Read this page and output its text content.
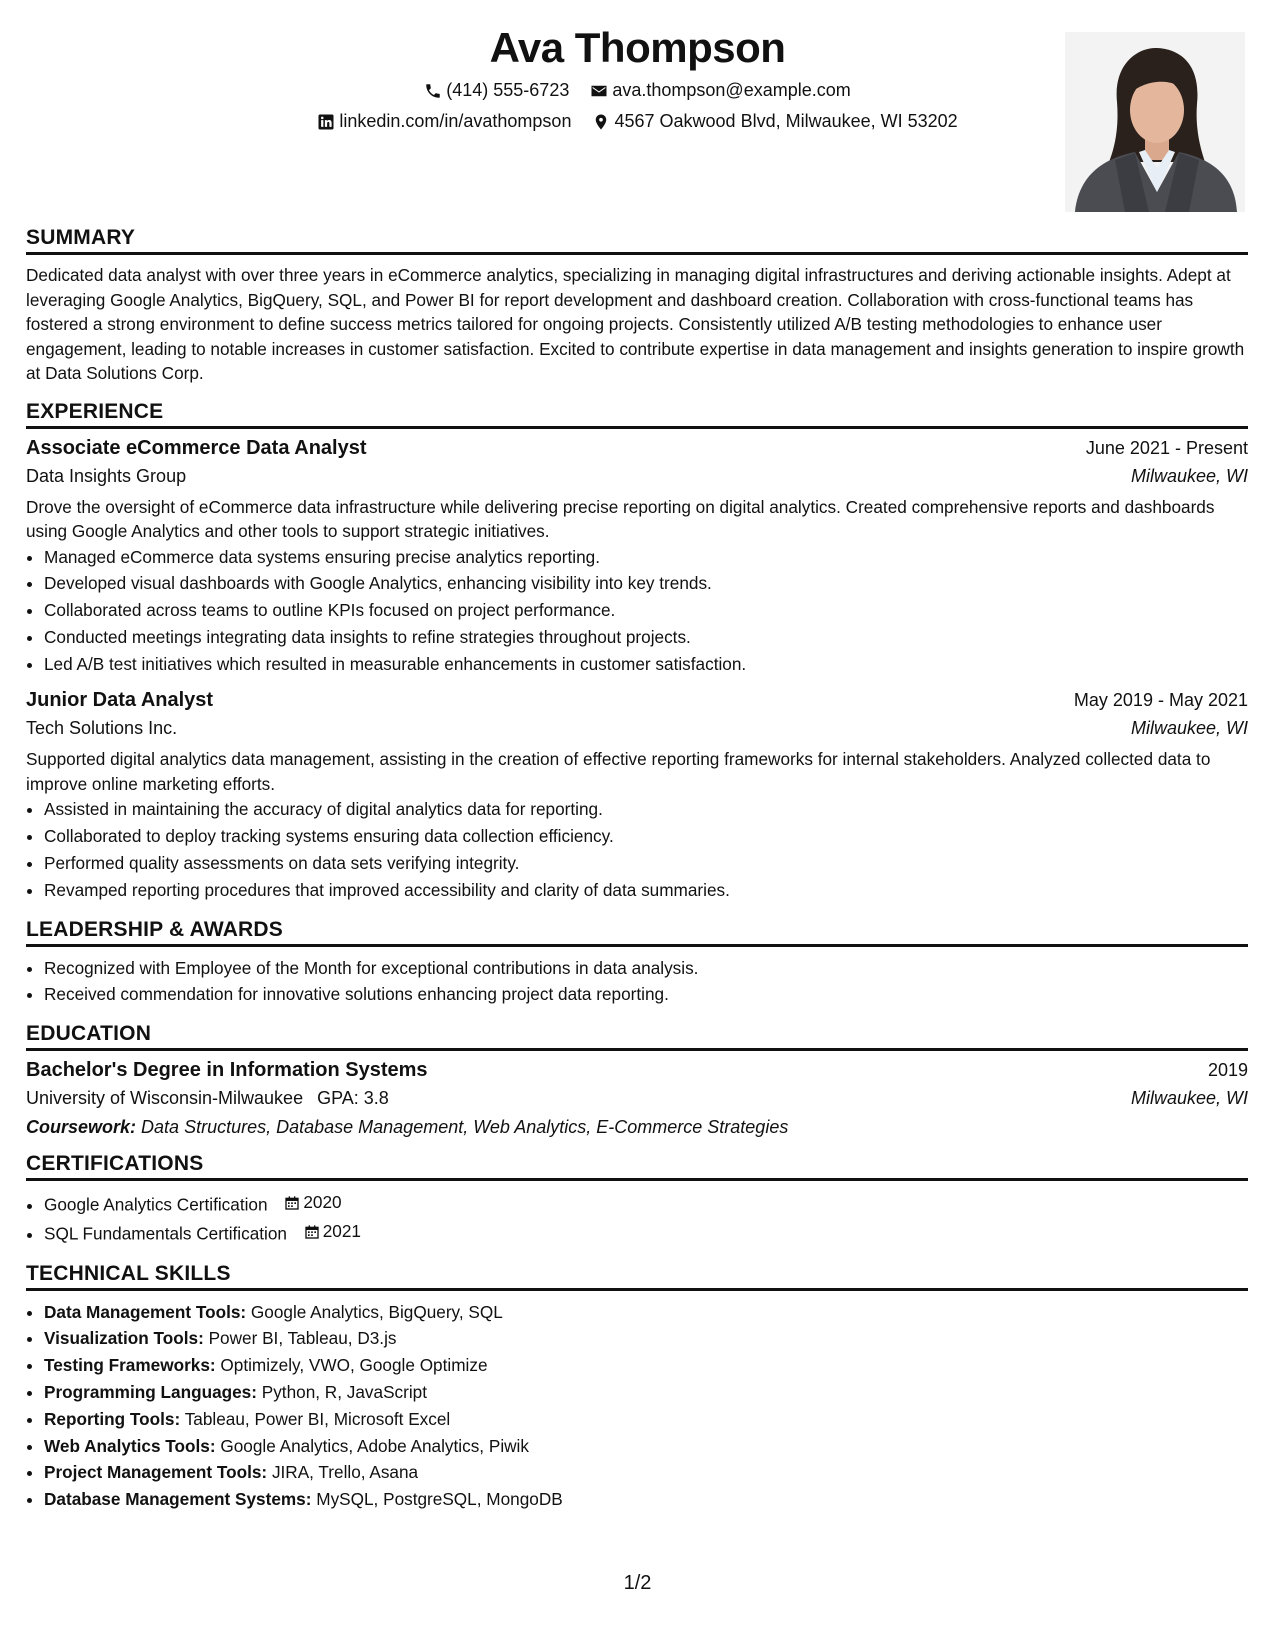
Ava Thompson
(414) 555-6723
ava.thompson@example.com
linkedin.com/in/avathompson
4567 Oakwood Blvd, Milwaukee, WI 53202
SUMMARY

Dedicated data analyst with over three years in eCommerce analytics, specializing in managing digital infrastructures and deriving actionable insights. Adept at leveraging Google Analytics, BigQuery, SQL, and Power BI for report development and dashboard creation. Collaboration with cross-functional teams has fostered a strong environment to define success metrics tailored for ongoing projects. Consistently utilized A/B testing methodologies to enhance user engagement, leading to notable increases in customer satisfaction. Excited to contribute expertise in data management and insights generation to inspire growth at Data Solutions Corp.

EXPERIENCE
Associate eCommerce Data Analyst	June 2021 - Present
Data Insights Group	Milwaukee, WI

Drove the oversight of eCommerce data infrastructure while delivering precise reporting on digital analytics. Created comprehensive reports and dashboards using Google Analytics and other tools to support strategic initiatives.

• Managed eCommerce data systems ensuring precise analytics reporting.
• Developed visual dashboards with Google Analytics, enhancing visibility into key trends.
• Collaborated across teams to outline KPIs focused on project performance.
• Conducted meetings integrating data insights to refine strategies throughout projects.
• Led A/B test initiatives which resulted in measurable enhancements in customer satisfaction.
Junior Data Analyst	May 2019 - May 2021
Tech Solutions Inc.	Milwaukee, WI

Supported digital analytics data management, assisting in the creation of effective reporting frameworks for internal stakeholders. Analyzed collected data to improve online marketing efforts.

• Assisted in maintaining the accuracy of digital analytics data for reporting.
• Collaborated to deploy tracking systems ensuring data collection efficiency.
• Performed quality assessments on data sets verifying integrity.
• Revamped reporting procedures that improved accessibility and clarity of data summaries.
LEADERSHIP & AWARDS
• Recognized with Employee of the Month for exceptional contributions in data analysis.
• Received commendation for innovative solutions enhancing project data reporting.
EDUCATION
Bachelor's Degree in Information Systems	2019
University of Wisconsin-Milwaukee GPA: 3.8	Milwaukee, WI
Coursework: Data Structures, Database Management, Web Analytics, E-Commerce Strategies
CERTIFICATIONS
• Google Analytics Certification 2020
• SQL Fundamentals Certification 2021
TECHNICAL SKILLS
• Data Management Tools: Google Analytics, BigQuery, SQL
• Visualization Tools: Power BI, Tableau, D3.js
• Testing Frameworks: Optimizely, VWO, Google Optimize
• Programming Languages: Python, R, JavaScript
• Reporting Tools: Tableau, Power BI, Microsoft Excel
• Web Analytics Tools: Google Analytics, Adobe Analytics, Piwik
• Project Management Tools: JIRA, Trello, Asana
• Database Management Systems: MySQL, PostgreSQL, MongoDB
1/2
